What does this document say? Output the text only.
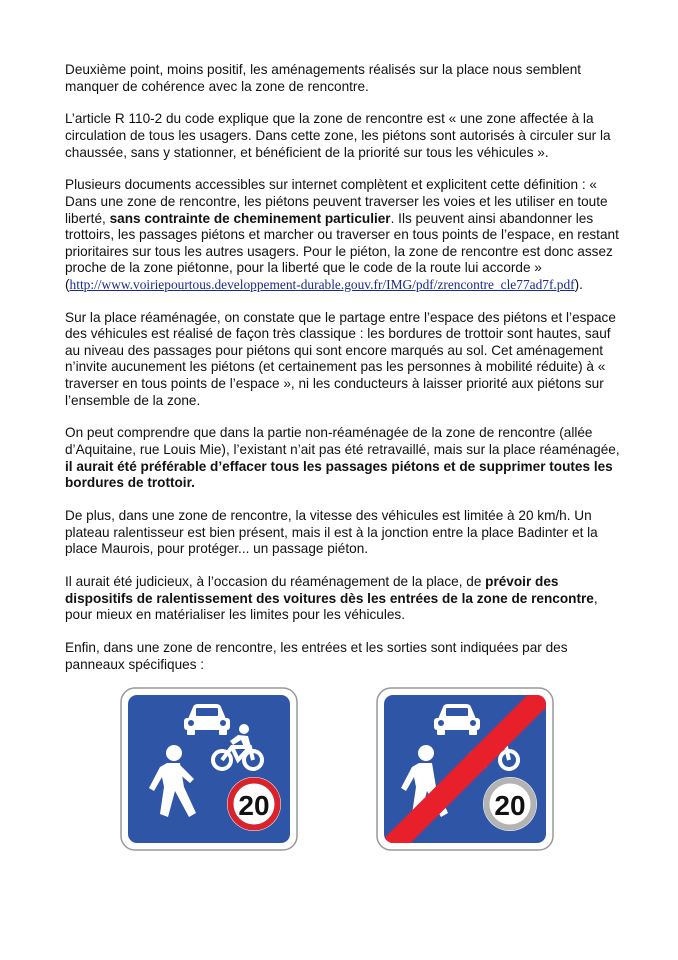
Deuxième point, moins positif, les aménagements réalisés sur la place nous semblent manquer de cohérence avec la zone de rencontre.

L’article R 110-2 du code explique que la zone de rencontre est « une zone affectée à la circulation de tous les usagers. Dans cette zone, les piétons sont autorisés à circuler sur la chaussée, sans y stationner, et bénéficient de la priorité sur tous les véhicules ».

Plusieurs documents accessibles sur internet complètent et explicitent cette définition : « Dans une zone de rencontre, les piétons peuvent traverser les voies et les utiliser en toute liberté, sans contrainte de cheminement particulier. Ils peuvent ainsi abandonner les trottoirs, les passages piétons et marcher ou traverser en tous points de l’espace, en restant prioritaires sur tous les autres usagers. Pour le piéton, la zone de rencontre est donc assez proche de la zone piétonne, pour la liberté que le code de la route lui accorde » (http://www.voiriepourtous.developpement-durable.gouv.fr/IMG/pdf/zrencontre_cle77ad7f.pdf).

Sur la place réaménagée, on constate que le partage entre l’espace des piétons et l’espace des véhicules est réalisé de façon très classique : les bordures de trottoir sont hautes, sauf au niveau des passages pour piétons qui sont encore marqués au sol. Cet aménagement n’invite aucunement les piétons (et certainement pas les personnes à mobilité réduite) à « traverser en tous points de l’espace », ni les conducteurs à laisser priorité aux piétons sur l’ensemble de la zone.

On peut comprendre que dans la partie non-réaménagée de la zone de rencontre (allée d’Aquitaine, rue Louis Mie), l’existant n’ait pas été retravaillé, mais sur la place réaménagée, il aurait été préférable d’effacer tous les passages piétons et de supprimer toutes les bordures de trottoir.

De plus, dans une zone de rencontre, la vitesse des véhicules est limitée à 20 km/h. Un plateau ralentisseur est bien présent, mais il est à la jonction entre la place Badinter et la place Maurois, pour protéger... un passage piéton.

Il aurait été judicieux, à l’occasion du réaménagement de la place, de prévoir des dispositifs de ralentissement des voitures dès les entrées de la zone de rencontre, pour mieux en matérialiser les limites pour les véhicules.

Enfin, dans une zone de rencontre, les entrées et les sorties sont indiquées par des panneaux spécifiques :

20	20
